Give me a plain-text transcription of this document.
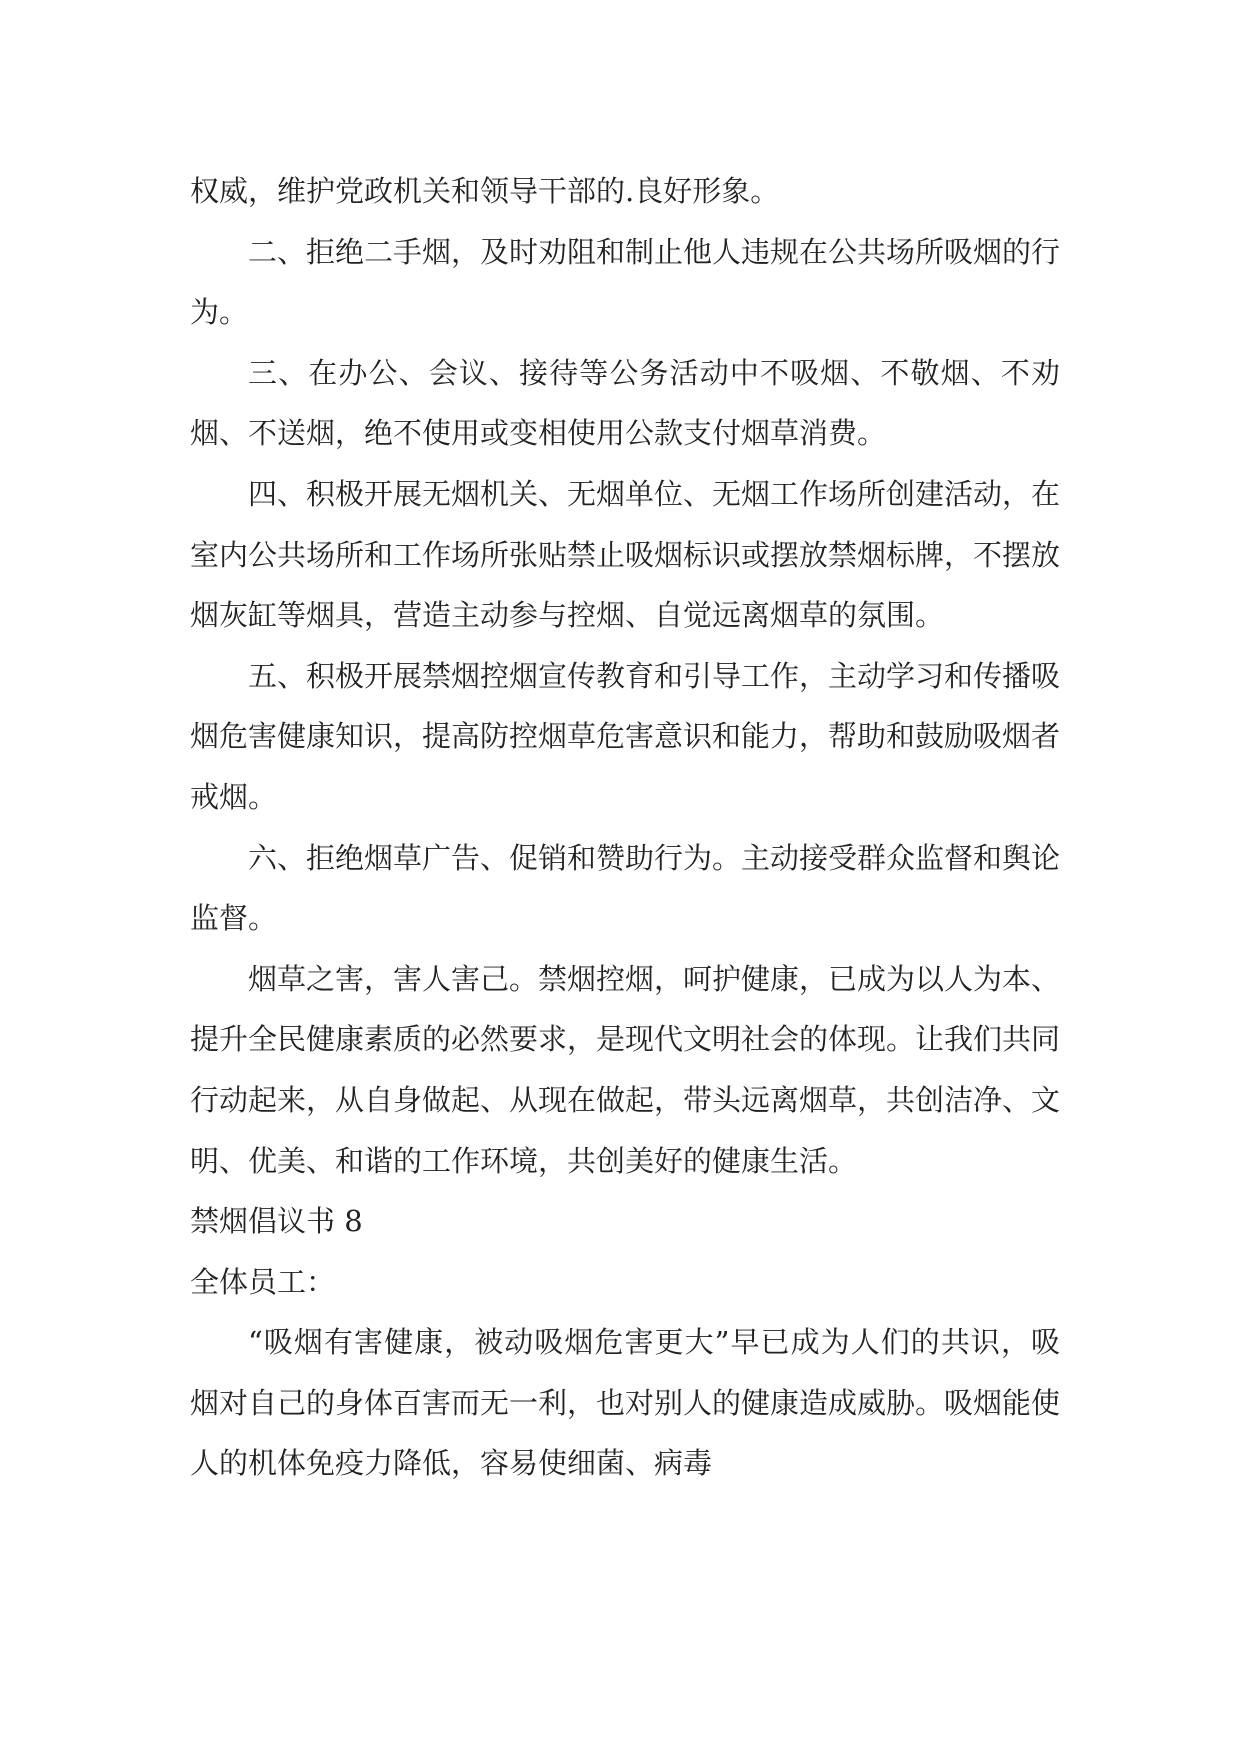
权威，维护党政机关和领导干部的.良好形象。

二、拒绝二手烟，及时劝阻和制止他人违规在公共场所吸烟的行为。

三、在办公、会议、接待等公务活动中不吸烟、不敬烟、不劝烟、不送烟，绝不使用或变相使用公款支付烟草消费。

四、积极开展无烟机关、无烟单位、无烟工作场所创建活动，在室内公共场所和工作场所张贴禁止吸烟标识或摆放禁烟标牌，不摆放烟灰缸等烟具，营造主动参与控烟、自觉远离烟草的氛围。

五、积极开展禁烟控烟宣传教育和引导工作，主动学习和传播吸烟危害健康知识，提高防控烟草危害意识和能力，帮助和鼓励吸烟者戒烟。

六、拒绝烟草广告、促销和赞助行为。主动接受群众监督和舆论监督。

烟草之害，害人害己。禁烟控烟，呵护健康，已成为以人为本、提升全民健康素质的必然要求，是现代文明社会的体现。让我们共同行动起来，从自身做起、从现在做起，带头远离烟草，共创洁净、文明、优美、和谐的工作环境，共创美好的健康生活。

禁烟倡议书 8

全体员工：

“吸烟有害健康，被动吸烟危害更大”早已成为人们的共识，吸烟对自己的身体百害而无一利，也对别人的健康造成威胁。吸烟能使人的机体免疫力降低，容易使细菌、病毒
